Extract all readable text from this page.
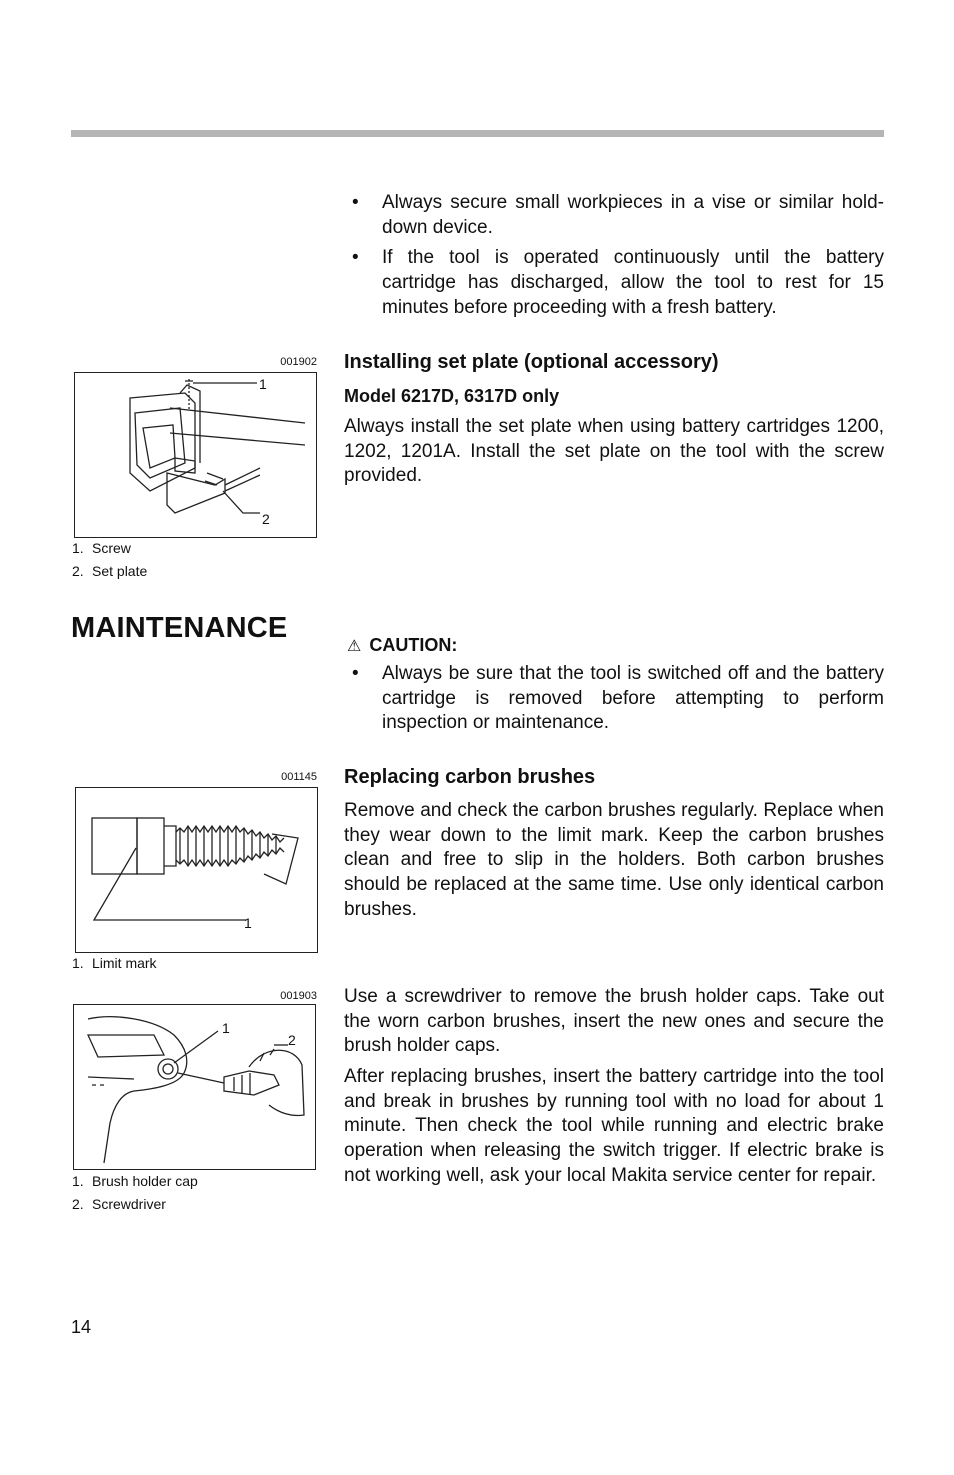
• Always secure small workpieces in a vise or similar hold-down device.
• If the tool is operated continuously until the battery cartridge has discharged, allow the tool to rest for 15 minutes before proceeding with a fresh battery.
001902
1
2
1. Screw
2. Set plate
Installing set plate (optional accessory)
Model 6217D, 6317D only
Always install the set plate when using battery cartridges 1200, 1202, 1201A. Install the set plate on the tool with the screw provided.
MAINTENANCE
⚠ CAUTION:
• Always be sure that the tool is switched off and the battery cartridge is removed before attempting to perform inspection or maintenance.
001145
1
1. Limit mark
Replacing carbon brushes
Remove and check the carbon brushes regularly. Replace when they wear down to the limit mark. Keep the carbon brushes clean and free to slip in the holders. Both carbon brushes should be replaced at the same time. Use only identical carbon brushes.
001903
1
2
1. Brush holder cap
2. Screwdriver
Use a screwdriver to remove the brush holder caps. Take out the worn carbon brushes, insert the new ones and secure the brush holder caps.
After replacing brushes, insert the battery cartridge into the tool and break in brushes by running tool with no load for about 1 minute. Then check the tool while running and electric brake operation when releasing the switch trigger. If electric brake is not working well, ask your local Makita service center for repair.
14
